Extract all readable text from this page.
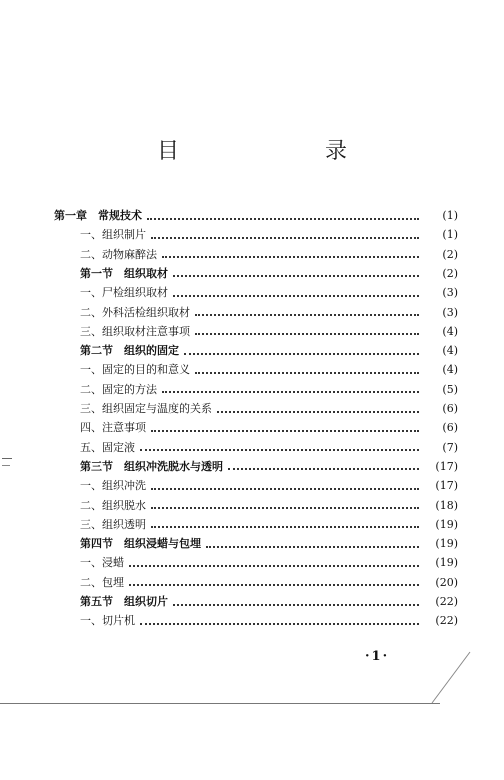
目　　录
第一章　常规技术	(1)
一、组织制片	(1)
二、动物麻醉法	(2)
第一节　组织取材	(2)
一、尸检组织取材	(3)
二、外科活检组织取材	(3)
三、组织取材注意事项	(4)
第二节　组织的固定	(4)
一、固定的目的和意义	(4)
二、固定的方法	(5)
三、组织固定与温度的关系	(6)
四、注意事项	(6)
五、固定液	(7)
第三节　组织冲洗脱水与透明	(17)
一、组织冲洗	(17)
二、组织脱水	(18)
三、组织透明	(19)
第四节　组织浸蜡与包埋	(19)
一、浸蜡	(19)
二、包埋	(20)
第五节　组织切片	(22)
一、切片机	(22)
·1·
